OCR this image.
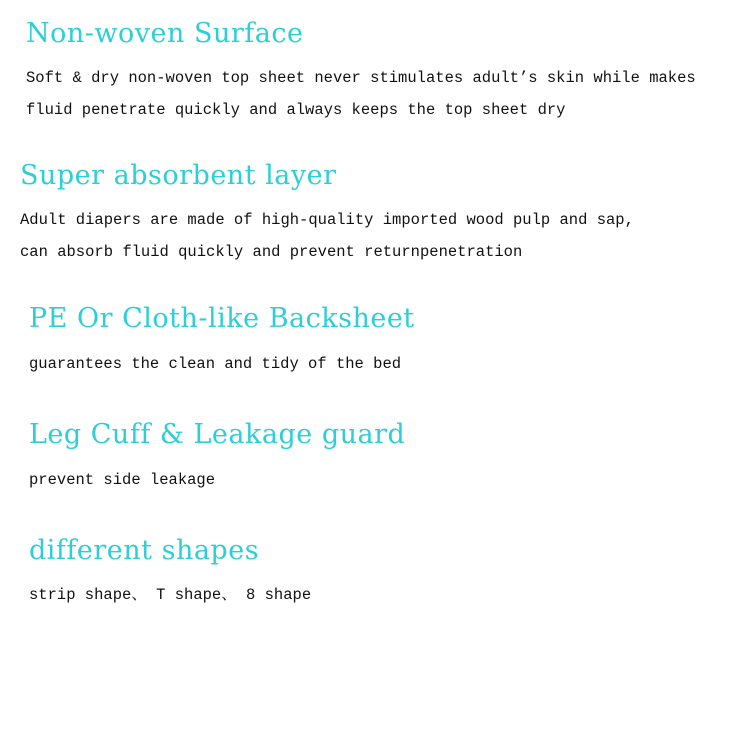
Non-woven Surface

Soft & dry non-woven top sheet never stimulates adult’s skin while makes

fluid penetrate quickly and always keeps the top sheet dry

Super absorbent layer

Adult diapers are made of high-quality imported wood pulp and sap,

can absorb fluid quickly and prevent returnpenetration

PE Or Cloth-like Backsheet

guarantees the clean and tidy of the bed

Leg Cuff & Leakage guard

prevent side leakage

different shapes

strip shape、 T shape、 8 shape
